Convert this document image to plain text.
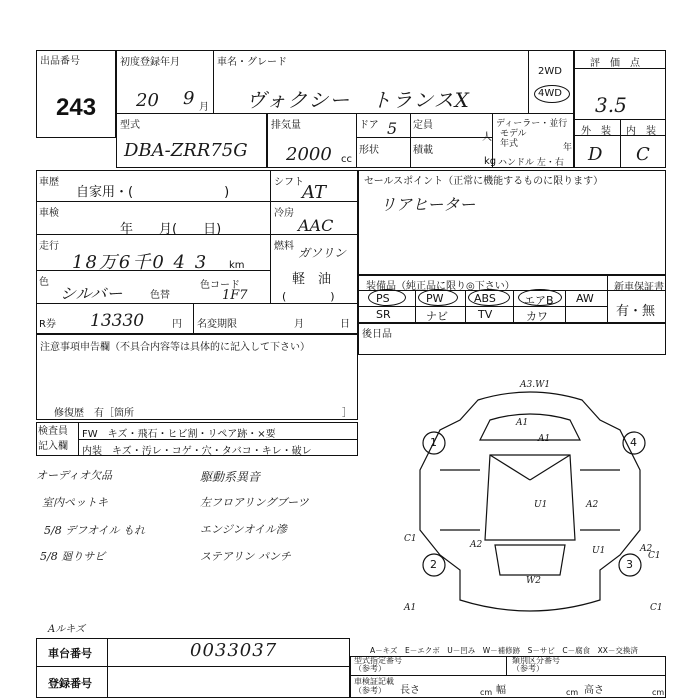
出品番号
243
初度登録年月
20 9 月
車名・グレード
ヴォクシー　トランスX
2WD
4WD
評　価　点
3.5
外　装 内　装
D C
型式
DBA-ZRR75G
排気量
2000 cc
ドア 5
形状
定員
人
積載
kg
ディーラー・並行
モデル
年式	年
ハンドル 左・右
車歴
自家用・(　　　　　　　)
シフト
AT
車検
年　　月(　　日)
冷房
AAC
走行
18万6千0 4 3 km
燃料 ガソリン
軽　油
(　　　　)
色
シルバー	色替
色コード
1F7
R券 13330	円 名変期限	月	日
セールスポイント（正常に機能するものに限ります）
リアヒーター
装備品（純正品に限り◎下さい）	新車保証書
有・無
PS	PW	ABS	エアB AW
SR	ナビ	TV	カワ
後日品
注意事項申告欄（不具合内容等は具体的に記入して下さい）
修復歴　有［箇所	］
検査員
記入欄
FW　キズ・飛石・ヒビ割・リペア跡・×要
内装　キズ・汚レ・コゲ・穴・タバコ・キレ・破レ
オーディオ欠品
室内ペットキ
5/8 デフオイル もれ
5/8 廻りサビ
駆動系異音
左フロアリングブーツ
エンジンオイル滲
ステアリン パンチ
1	4
2	3
A3.W1
A1
A1
U1	A2
A2
C1
A2
U1	C1
W2
C1
A1
Aルキズ
車台番号	0033037
登録番号
A－キズ　E－エクボ　U－凹み　W－補修跡　S－サビ　C－腐食　XX－交換済
型式指定番号
（参考）
類別区分番号
（参考）
車検証記載
（参考）	長さ	幅	高さ
cm	cm	cm
